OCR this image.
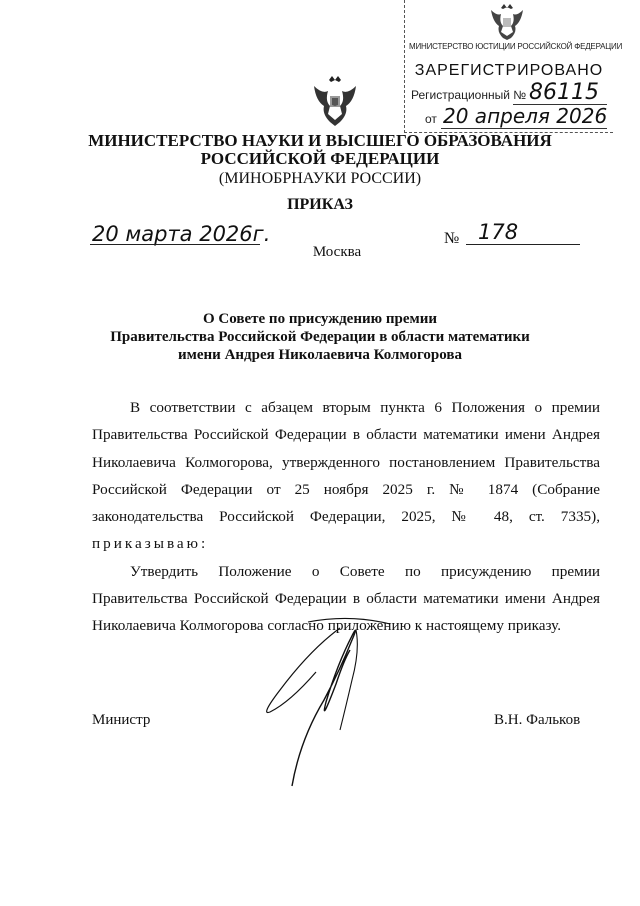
МИНИСТЕРСТВО ЮСТИЦИИ РОССИЙСКОЙ ФЕДЕРАЦИИ
ЗАРЕГИСТРИРОВАНО
Регистрационный № 86115
от 20 апреля 2026
МИНИСТЕРСТВО НАУКИ И ВЫСШЕГО ОБРАЗОВАНИЯ
РОССИЙСКОЙ ФЕДЕРАЦИИ
(МИНОБРНАУКИ РОССИИ)
ПРИКАЗ
20 марта 2026г.	№ 178
Москва
О Совете по присуждению премии
Правительства Российской Федерации в области математики
имени Андрея Николаевича Колмогорова

В соответствии с абзацем вторым пункта 6 Положения о премии Правительства Российской Федерации в области математики имени Андрея Николаевича Колмогорова, утвержденного постановлением Правительства Российской Федерации от 25 ноября 2025 г. № 1874 (Собрание законодательства Российской Федерации, 2025, № 48, ст. 7335), приказываю:

Утвердить Положение о Совете по присуждению премии Правительства Российской Федерации в области математики имени Андрея Николаевича Колмогорова согласно приложению к настоящему приказу.

Министр	В.Н. Фальков
